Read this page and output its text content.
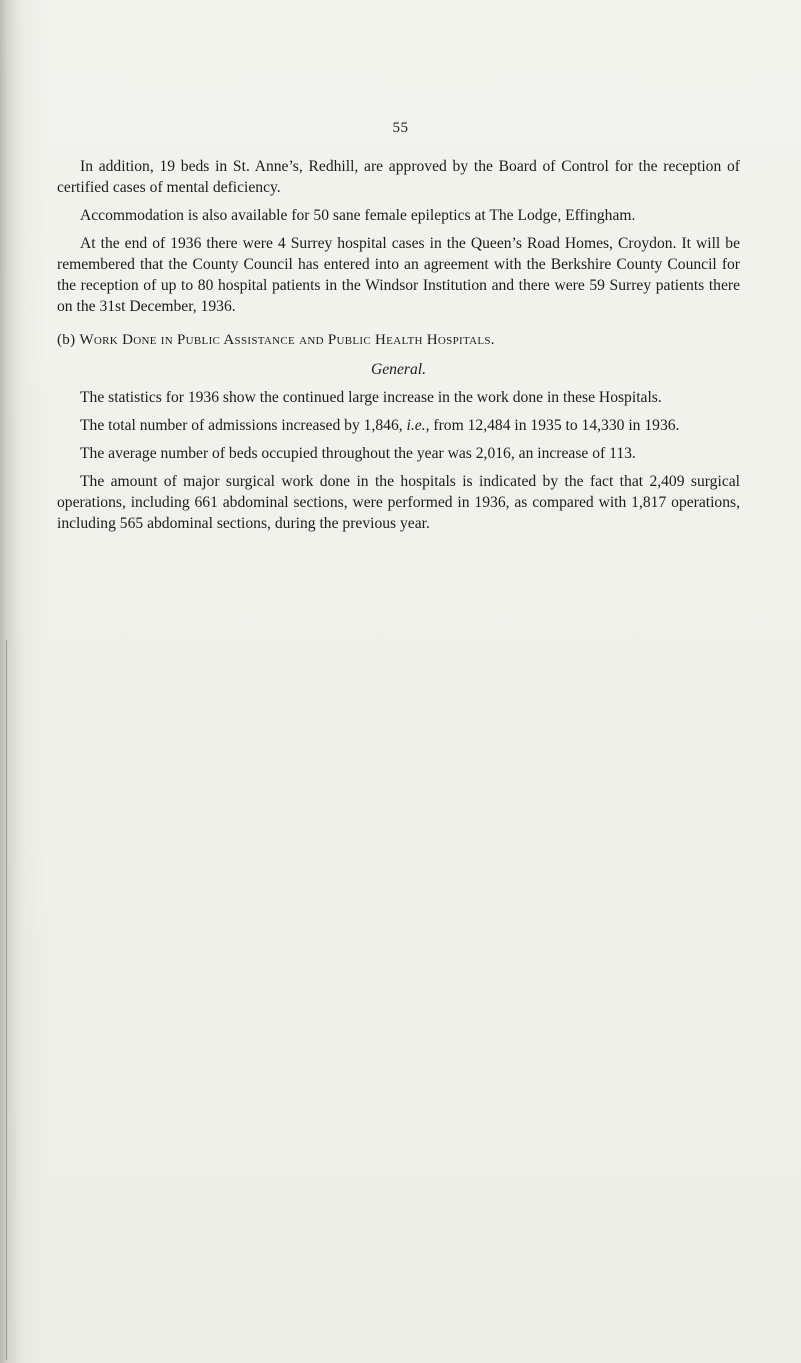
55

In addition, 19 beds in St. Anne’s, Redhill, are approved by the Board of Control for the reception of certified cases of mental deficiency.

Accommodation is also available for 50 sane female epileptics at The Lodge, Effingham.

At the end of 1936 there were 4 Surrey hospital cases in the Queen’s Road Homes, Croydon. It will be remembered that the County Council has entered into an agreement with the Berkshire County Council for the reception of up to 80 hospital patients in the Windsor Institution and there were 59 Surrey patients there on the 31st December, 1936.

(b) Work Done in Public Assistance and Public Health Hospitals.
General.

The statistics for 1936 show the continued large increase in the work done in these Hospitals.

The total number of admissions increased by 1,846, i.e., from 12,484 in 1935 to 14,330 in 1936.

The average number of beds occupied throughout the year was 2,016, an increase of 113.

The amount of major surgical work done in the hospitals is indicated by the fact that 2,409 surgical operations, including 661 abdominal sections, were performed in 1936, as compared with 1,817 operations, including 565 abdominal sections, during the previous year.
